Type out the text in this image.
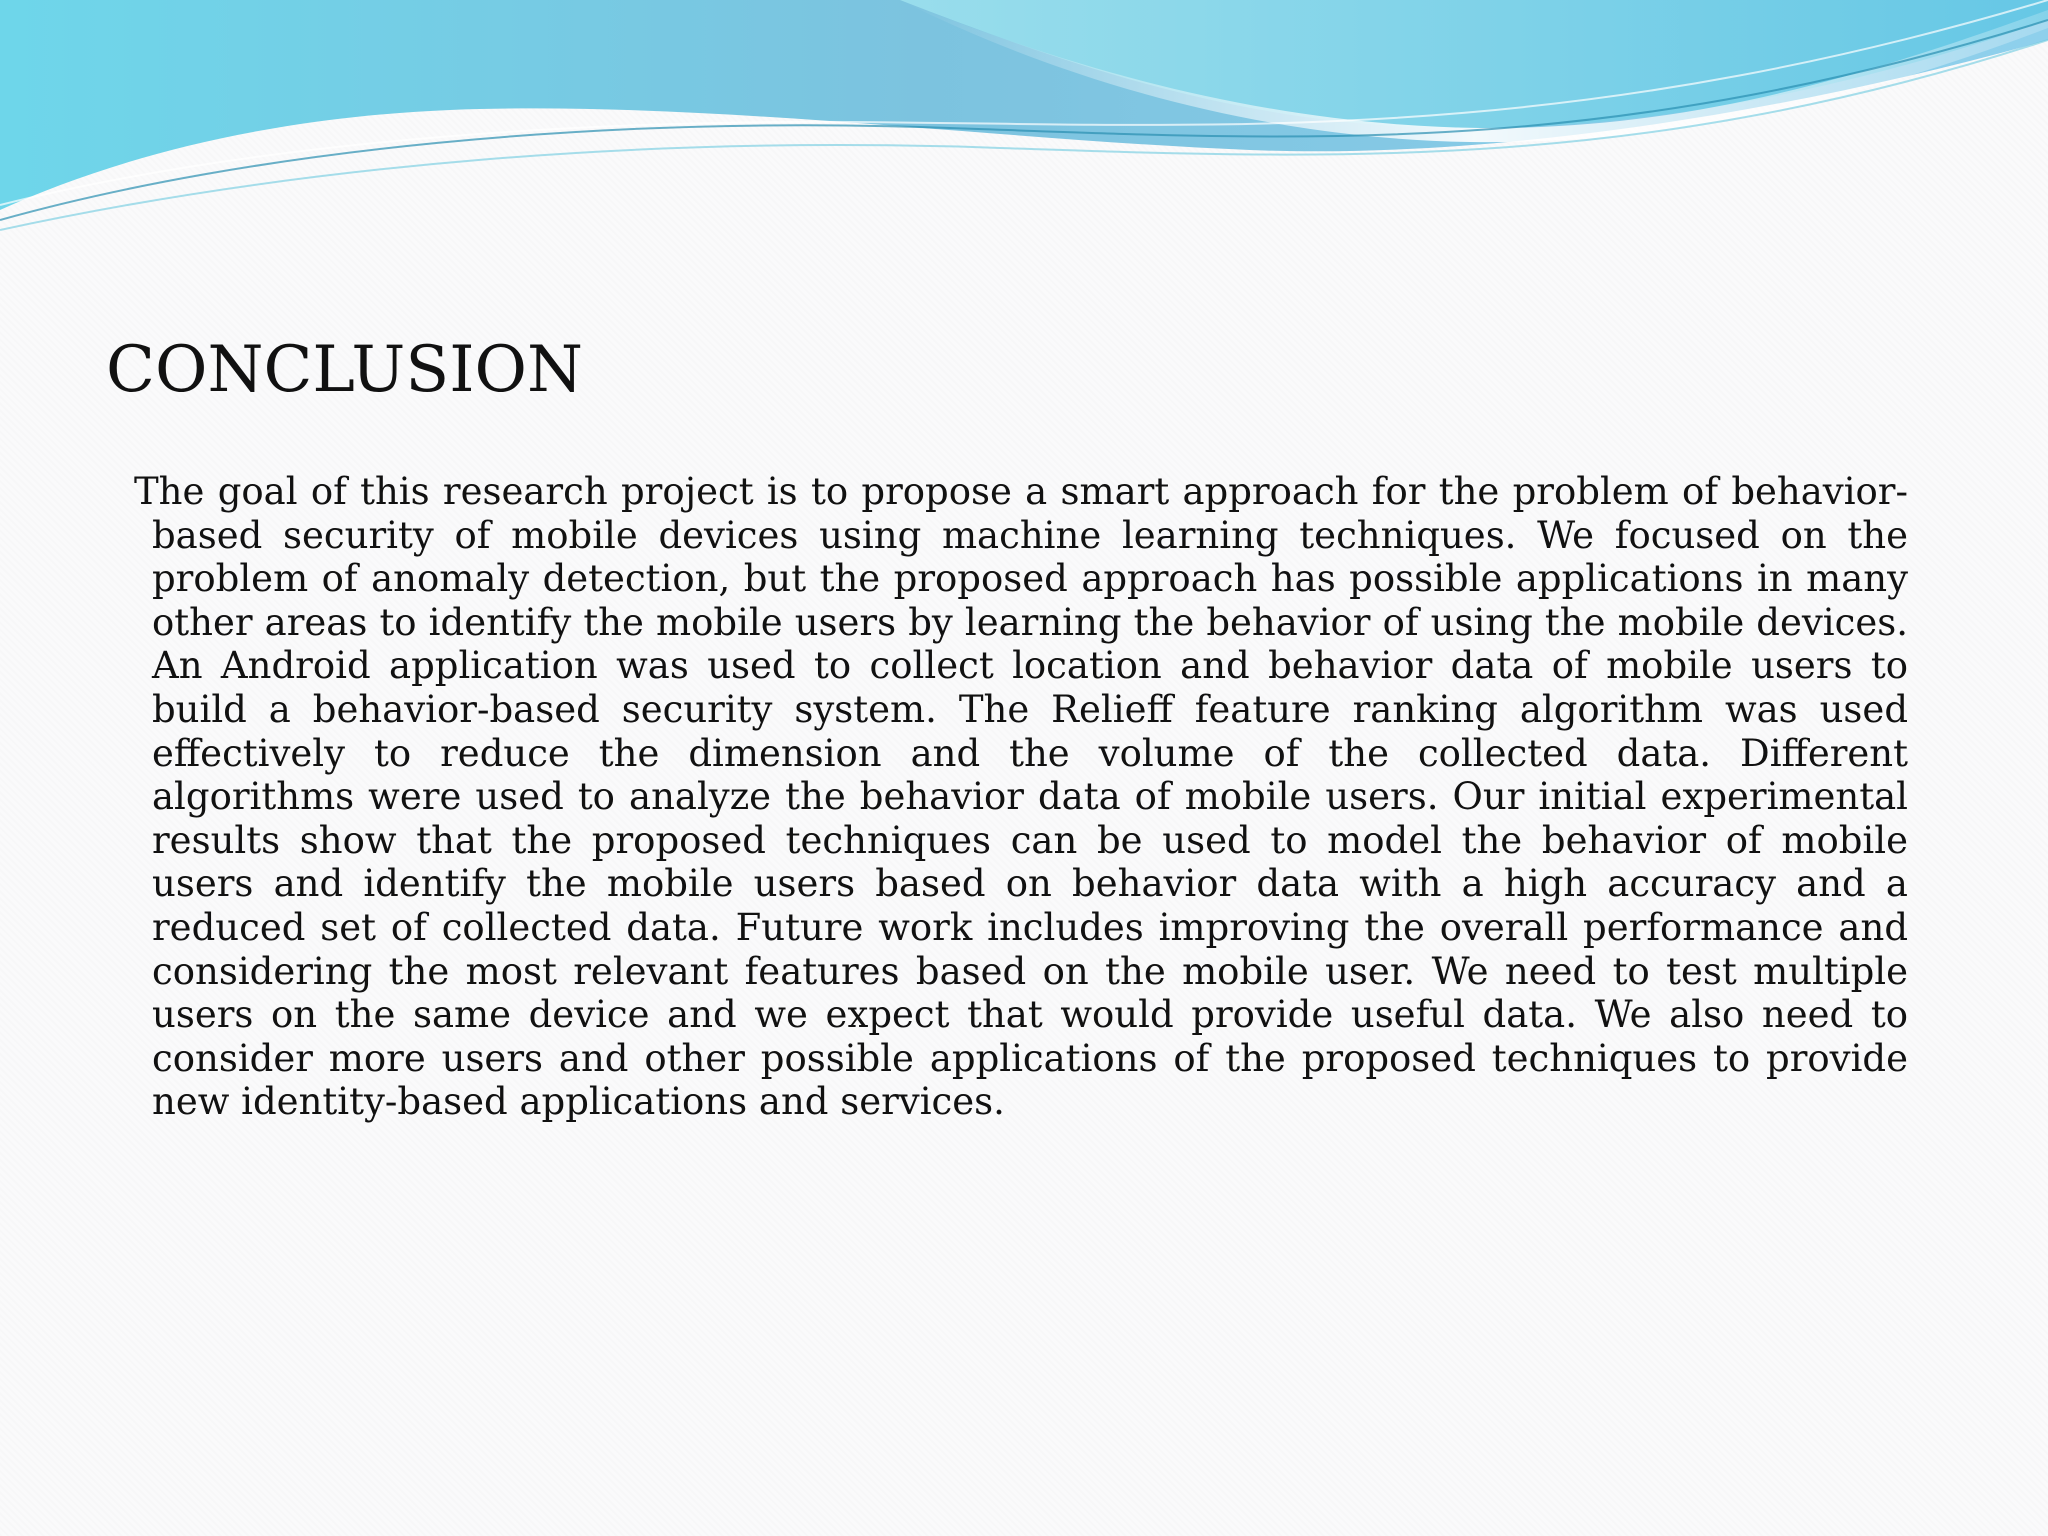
CONCLUSION

The goal of this research project is to propose a smart approach for the problem of behavior-based security of mobile devices using machine learning techniques. We focused on the problem of anomaly detection, but the proposed approach has possible applications in many other areas to identify the mobile users by learning the behavior of using the mobile devices. An Android application was used to collect location and behavior data of mobile users to build a behavior-based security system. The Relieff feature ranking algorithm was used effectively to reduce the dimension and the volume of the collected data. Different algorithms were used to analyze the behavior data of mobile users. Our initial experimental results show that the proposed techniques can be used to model the behavior of mobile users and identify the mobile users based on behavior data with a high accuracy and a reduced set of collected data. Future work includes improving the overall performance and considering the most relevant features based on the mobile user. We need to test multiple users on the same device and we expect that would provide useful data. We also need to consider more users and other possible applications of the proposed techniques to provide new identity-based applications and services.
